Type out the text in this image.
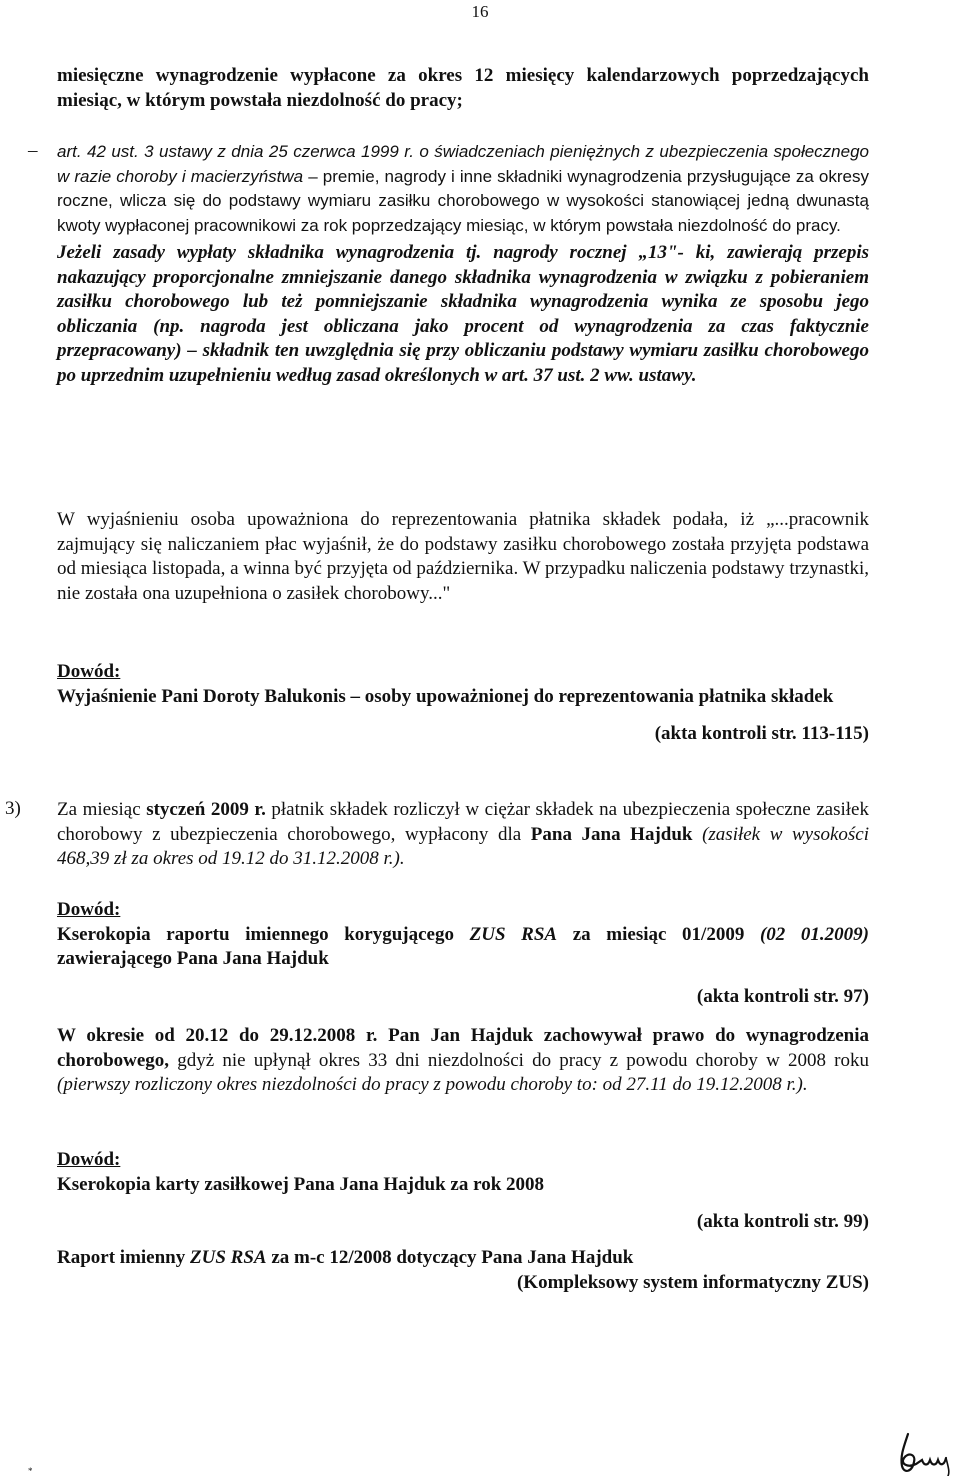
16
miesięczne wynagrodzenie wypłacone za okres 12 miesięcy kalendarzowych poprzedzających miesiąc, w którym powstała niezdolność do pracy;
– art. 42 ust. 3 ustawy z dnia 25 czerwca 1999 r. o świadczeniach pieniężnych z ubezpieczenia społecznego w razie choroby i macierzyństwa – premie, nagrody i inne składniki wynagrodzenia przysługujące za okresy roczne, wlicza się do podstawy wymiaru zasiłku chorobowego w wysokości stanowiącej jedną dwunastą kwoty wypłaconej pracownikowi za rok poprzedzający miesiąc, w którym powstała niezdolność do pracy.
Jeżeli zasady wypłaty składnika wynagrodzenia tj. nagrody rocznej „13"- ki, zawierają przepis nakazujący proporcjonalne zmniejszanie danego składnika wynagrodzenia w związku z pobieraniem zasiłku chorobowego lub też pomniejszanie składnika wynagrodzenia wynika ze sposobu jego obliczania (np. nagroda jest obliczana jako procent od wynagrodzenia za czas faktycznie przepracowany) – składnik ten uwzględnia się przy obliczaniu podstawy wymiaru zasiłku chorobowego po uprzednim uzupełnieniu według zasad określonych w art. 37 ust. 2 ww. ustawy.
W wyjaśnieniu osoba upoważniona do reprezentowania płatnika składek podała, iż „...pracownik zajmujący się naliczaniem płac wyjaśnił, że do podstawy zasiłku chorobowego została przyjęta podstawa od miesiąca listopada, a winna być przyjęta od października. W przypadku naliczenia podstawy trzynastki, nie została ona uzupełniona o zasiłek chorobowy..."
Dowód:
Wyjaśnienie Pani Doroty Balukonis – osoby upoważnionej do reprezentowania płatnika składek
(akta kontroli str. 113-115)
3) Za miesiąc styczeń 2009 r. płatnik składek rozliczył w ciężar składek na ubezpieczenia społeczne zasiłek chorobowy z ubezpieczenia chorobowego, wypłacony dla Pana Jana Hajduk (zasiłek w wysokości 468,39 zł za okres od 19.12 do 31.12.2008 r.).
Dowód:
Kserokopia raportu imiennego korygującego ZUS RSA za miesiąc 01/2009 (02 01.2009) zawierającego Pana Jana Hajduk
(akta kontroli str. 97)
W okresie od 20.12 do 29.12.2008 r. Pan Jan Hajduk zachowywał prawo do wynagrodzenia chorobowego, gdyż nie upłynął okres 33 dni niezdolności do pracy z powodu choroby w 2008 roku (pierwszy rozliczony okres niezdolności do pracy z powodu choroby to: od 27.11 do 19.12.2008 r.).
Dowód:
Kserokopia karty zasiłkowej Pana Jana Hajduk za rok 2008
(akta kontroli str. 99)
Raport imienny ZUS RSA za m-c 12/2008 dotyczący Pana Jana Hajduk
(Kompleksowy system informatyczny ZUS)
*
